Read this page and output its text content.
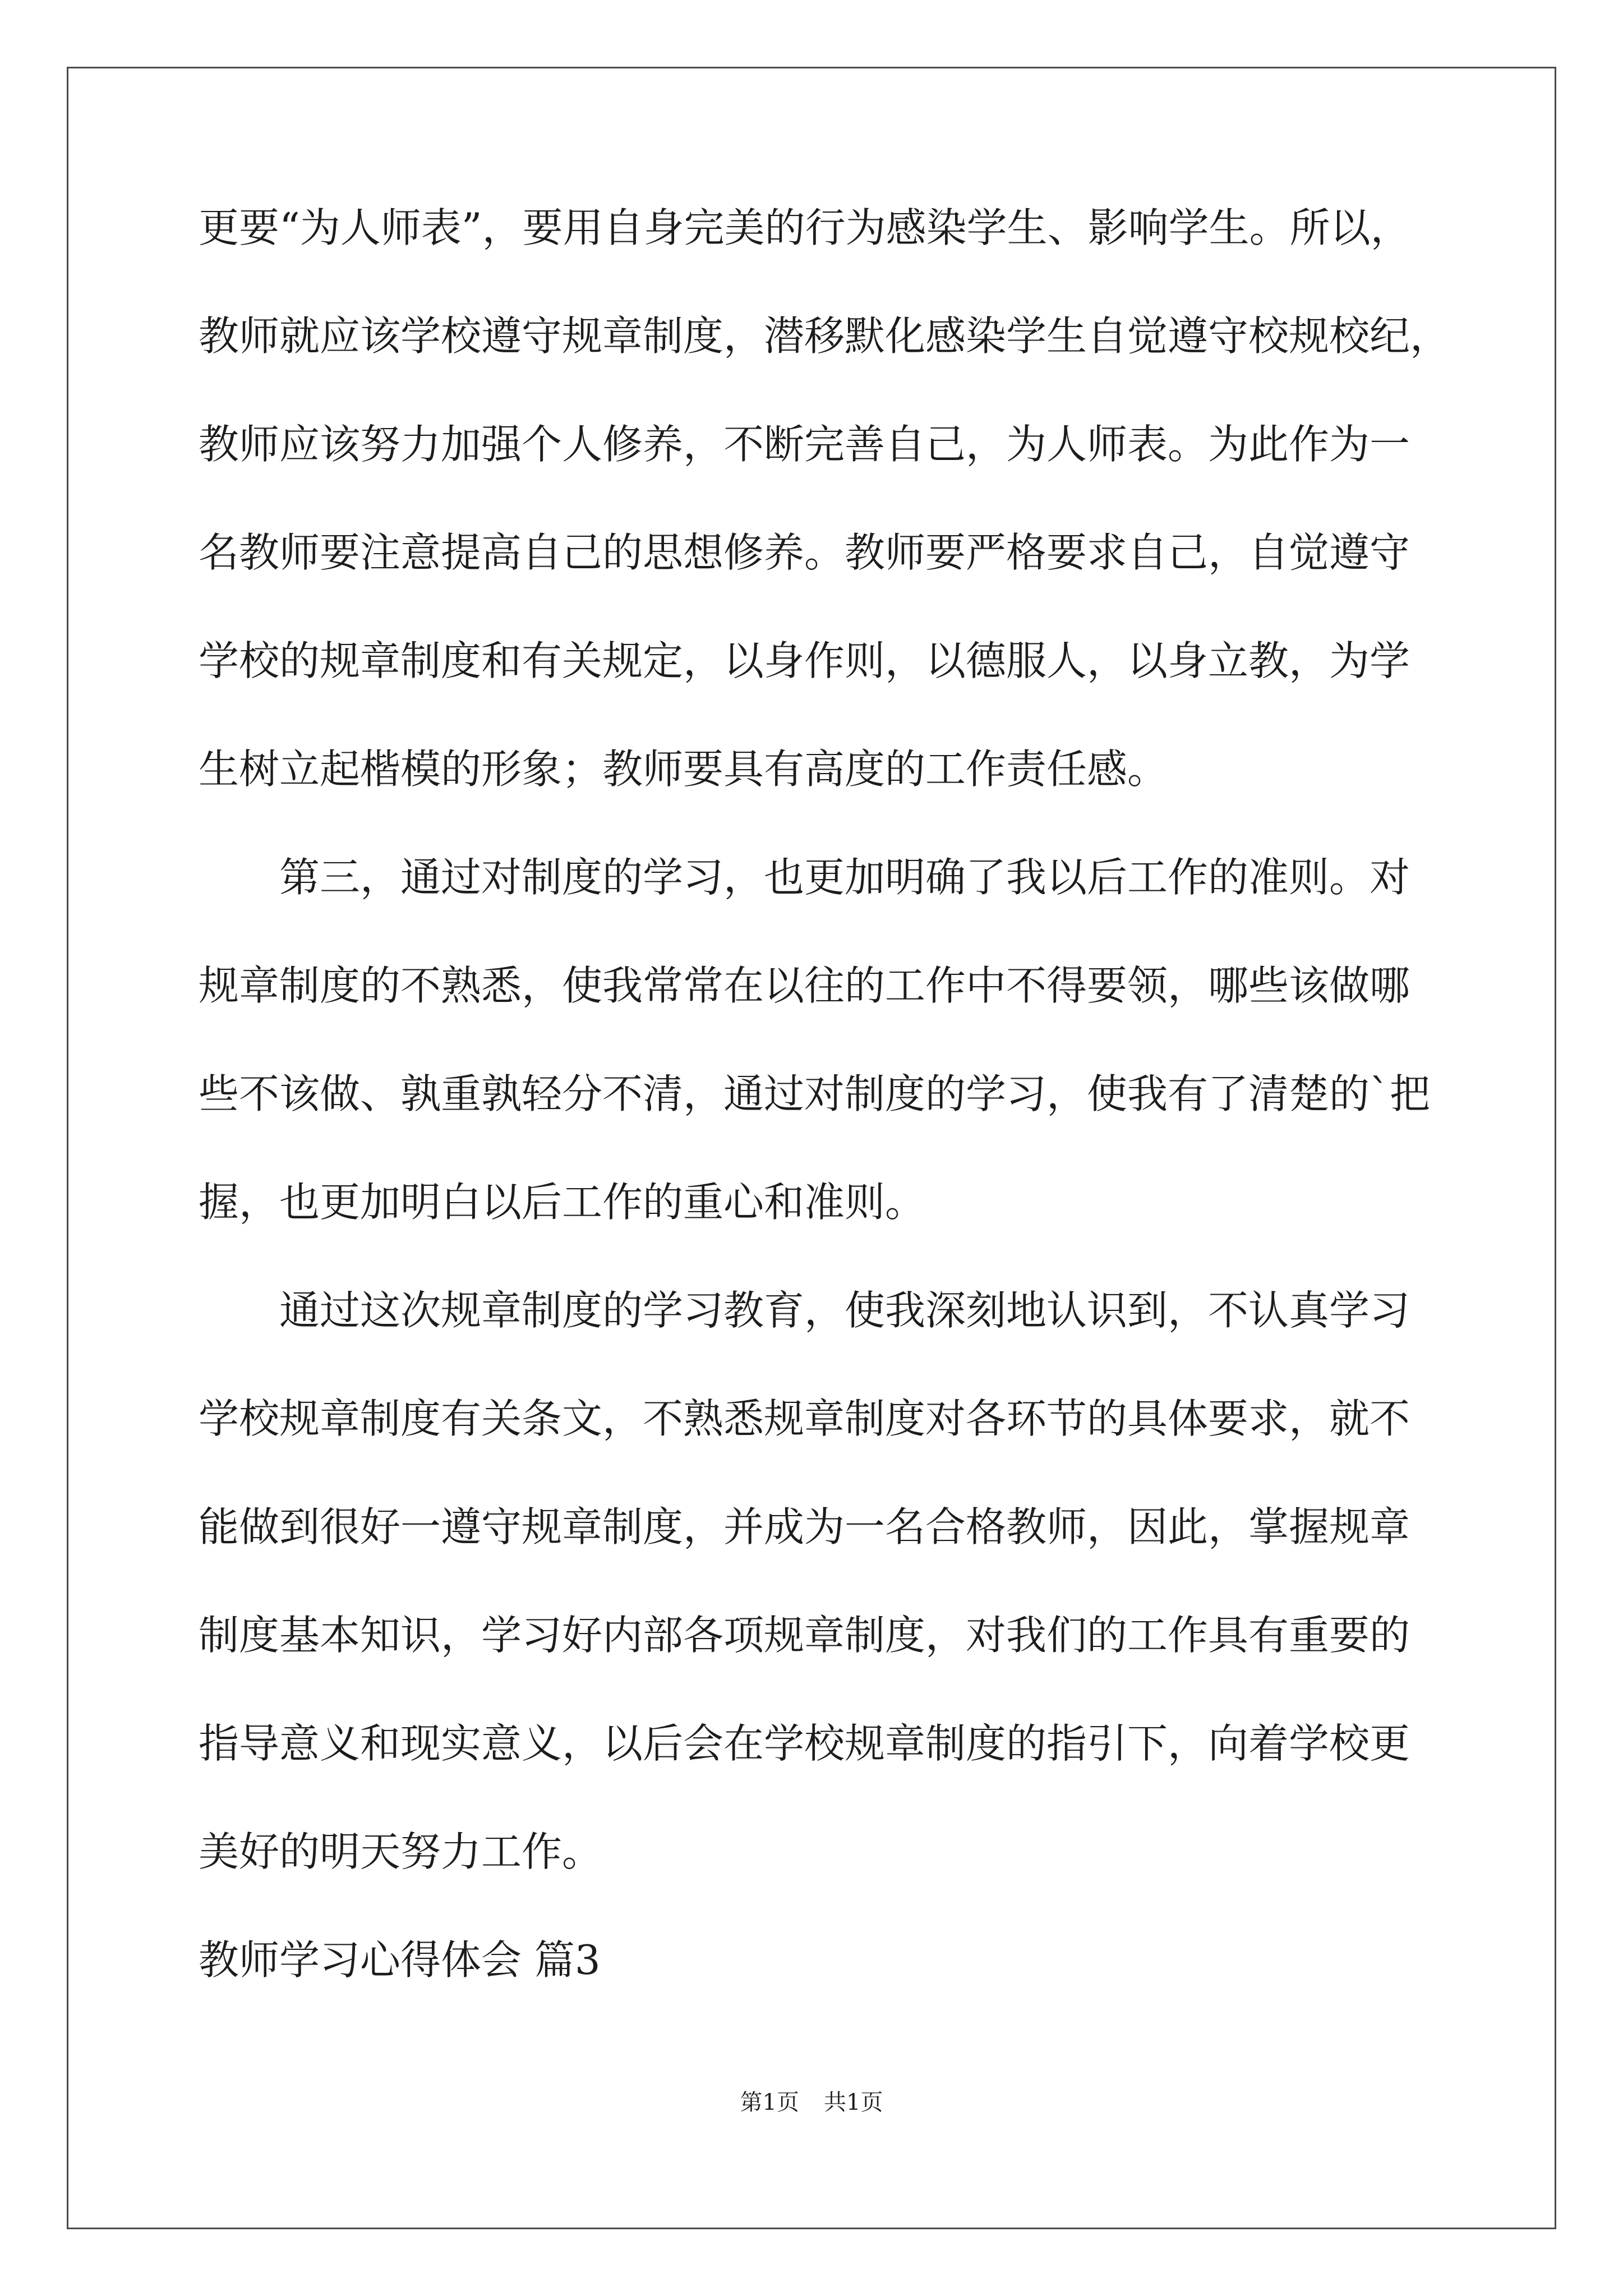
更要“为人师表”，要用自身完美的行为感染学生、影响学生。所以，
教师就应该学校遵守规章制度，潜移默化感染学生自觉遵守校规校纪，
教师应该努力加强个人修养，不断完善自己，为人师表。为此作为一
名教师要注意提高自己的思想修养。教师要严格要求自己，自觉遵守
学校的规章制度和有关规定，以身作则，以德服人，以身立教，为学
生树立起楷模的形象；教师要具有高度的工作责任感。
第三，通过对制度的学习，也更加明确了我以后工作的准则。对
规章制度的不熟悉，使我常常在以往的工作中不得要领，哪些该做哪
些不该做、孰重孰轻分不清，通过对制度的学习，使我有了清楚的`把
握，也更加明白以后工作的重心和准则。
通过这次规章制度的学习教育，使我深刻地认识到，不认真学习
学校规章制度有关条文，不熟悉规章制度对各环节的具体要求，就不
能做到很好一遵守规章制度，并成为一名合格教师，因此，掌握规章
制度基本知识，学习好内部各项规章制度，对我们的工作具有重要的
指导意义和现实意义，以后会在学校规章制度的指引下，向着学校更
美好的明天努力工作。
教师学习心得体会 篇3
第1页 共1页
